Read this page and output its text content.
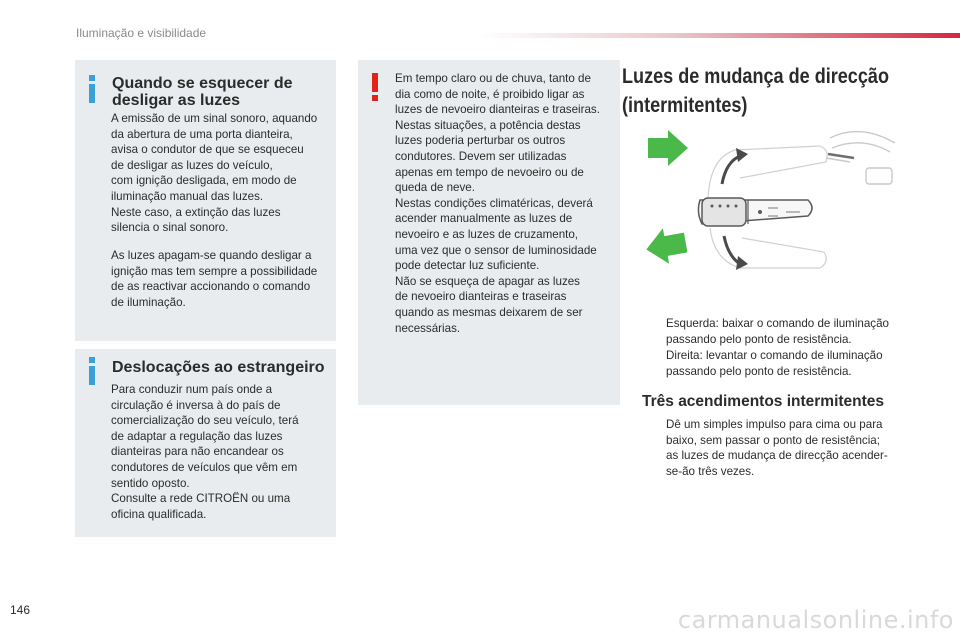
Iluminação e visibilidade
Quando se esquecer de desligar as luzes

A emissão de um sinal sonoro, aquando
da abertura de uma porta dianteira,
avisa o condutor de que se esqueceu
de desligar as luzes do veículo,
com ignição desligada, em modo de
iluminação manual das luzes.
Neste caso, a extinção das luzes
silencia o sinal sonoro.

As luzes apagam-se quando desligar a
ignição mas tem sempre a possibilidade
de as reactivar accionando o comando
de iluminação.

Deslocações ao estrangeiro

Para conduzir num país onde a
circulação é inversa à do país de
comercialização do seu veículo, terá
de adaptar a regulação das luzes
dianteiras para não encandear os
condutores de veículos que vêm em
sentido oposto.
Consulte a rede CITROËN ou uma
oficina qualificada.

Em tempo claro ou de chuva, tanto de
dia como de noite, é proibido ligar as
luzes de nevoeiro dianteiras e traseiras.
Nestas situações, a potência destas
luzes poderia perturbar os outros
condutores. Devem ser utilizadas
apenas em tempo de nevoeiro ou de
queda de neve.
Nestas condições climatéricas, deverá
acender manualmente as luzes de
nevoeiro e as luzes de cruzamento,
uma vez que o sensor de luminosidade
pode detectar luz suficiente.
Não se esqueça de apagar as luzes
de nevoeiro dianteiras e traseiras
quando as mesmas deixarem de ser
necessárias.

Luzes de mudança de direcção
(intermitentes)
Esquerda: baixar o comando de iluminação
passando pelo ponto de resistência.
Direita: levantar o comando de iluminação
passando pelo ponto de resistência.
Três acendimentos intermitentes
Dê um simples impulso para cima ou para
baixo, sem passar o ponto de resistência;
as luzes de mudança de direcção acender-
se-ão três vezes.
146	carmanualsonline.info
